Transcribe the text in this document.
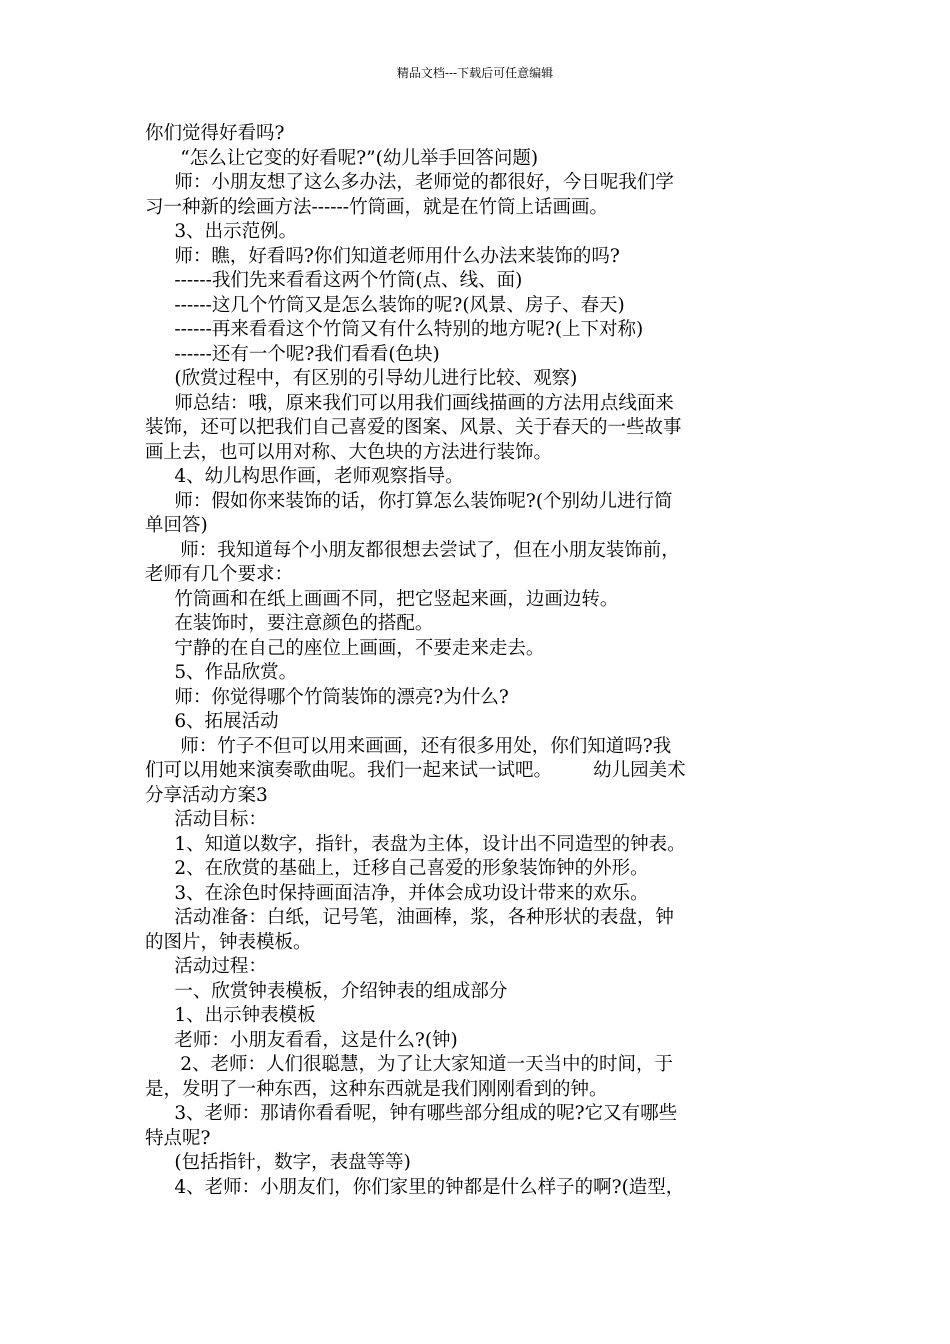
精品文档---下载后可任意编辑
你们觉得好看吗?
“怎么让它变的好看呢?”(幼儿举手回答问题)
师：小朋友想了这么多办法，老师觉的都很好，今日呢我们学
习一种新的绘画方法------竹筒画，就是在竹筒上话画画。
3、出示范例。
师：瞧，好看吗?你们知道老师用什么办法来装饰的吗?
------我们先来看看这两个竹筒(点、线、面)
------这几个竹筒又是怎么装饰的呢?(风景、房子、春天)
------再来看看这个竹筒又有什么特别的地方呢?(上下对称)
------还有一个呢?我们看看(色块)
(欣赏过程中，有区别的引导幼儿进行比较、观察)
师总结：哦，原来我们可以用我们画线描画的方法用点线面来
装饰，还可以把我们自己喜爱的图案、风景、关于春天的一些故事
画上去，也可以用对称、大色块的方法进行装饰。
4、幼儿构思作画，老师观察指导。
师：假如你来装饰的话，你打算怎么装饰呢?(个别幼儿进行简
单回答)
师：我知道每个小朋友都很想去尝试了，但在小朋友装饰前，
老师有几个要求：
竹筒画和在纸上画画不同，把它竖起来画，边画边转。
在装饰时，要注意颜色的搭配。
宁静的在自己的座位上画画，不要走来走去。
5、作品欣赏。
师：你觉得哪个竹筒装饰的漂亮?为什么?
6、拓展活动
师：竹子不但可以用来画画，还有很多用处，你们知道吗?我
们可以用她来演奏歌曲呢。我们一起来试一试吧。       幼儿园美术
分享活动方案3
活动目标：
1、知道以数字，指针，表盘为主体，设计出不同造型的钟表。
2、在欣赏的基础上，迁移自己喜爱的形象装饰钟的外形。
3、在涂色时保持画面洁净，并体会成功设计带来的欢乐。
活动准备：白纸，记号笔，油画棒，浆，各种形状的表盘，钟
的图片，钟表模板。
活动过程：
一、欣赏钟表模板，介绍钟表的组成部分
1、出示钟表模板
老师：小朋友看看，这是什么?(钟)
2、老师：人们很聪慧，为了让大家知道一天当中的时间，于
是，发明了一种东西，这种东西就是我们刚刚看到的钟。
3、老师：那请你看看呢，钟有哪些部分组成的呢?它又有哪些
特点呢?
(包括指针，数字，表盘等等)
4、老师：小朋友们，你们家里的钟都是什么样子的啊?(造型，
